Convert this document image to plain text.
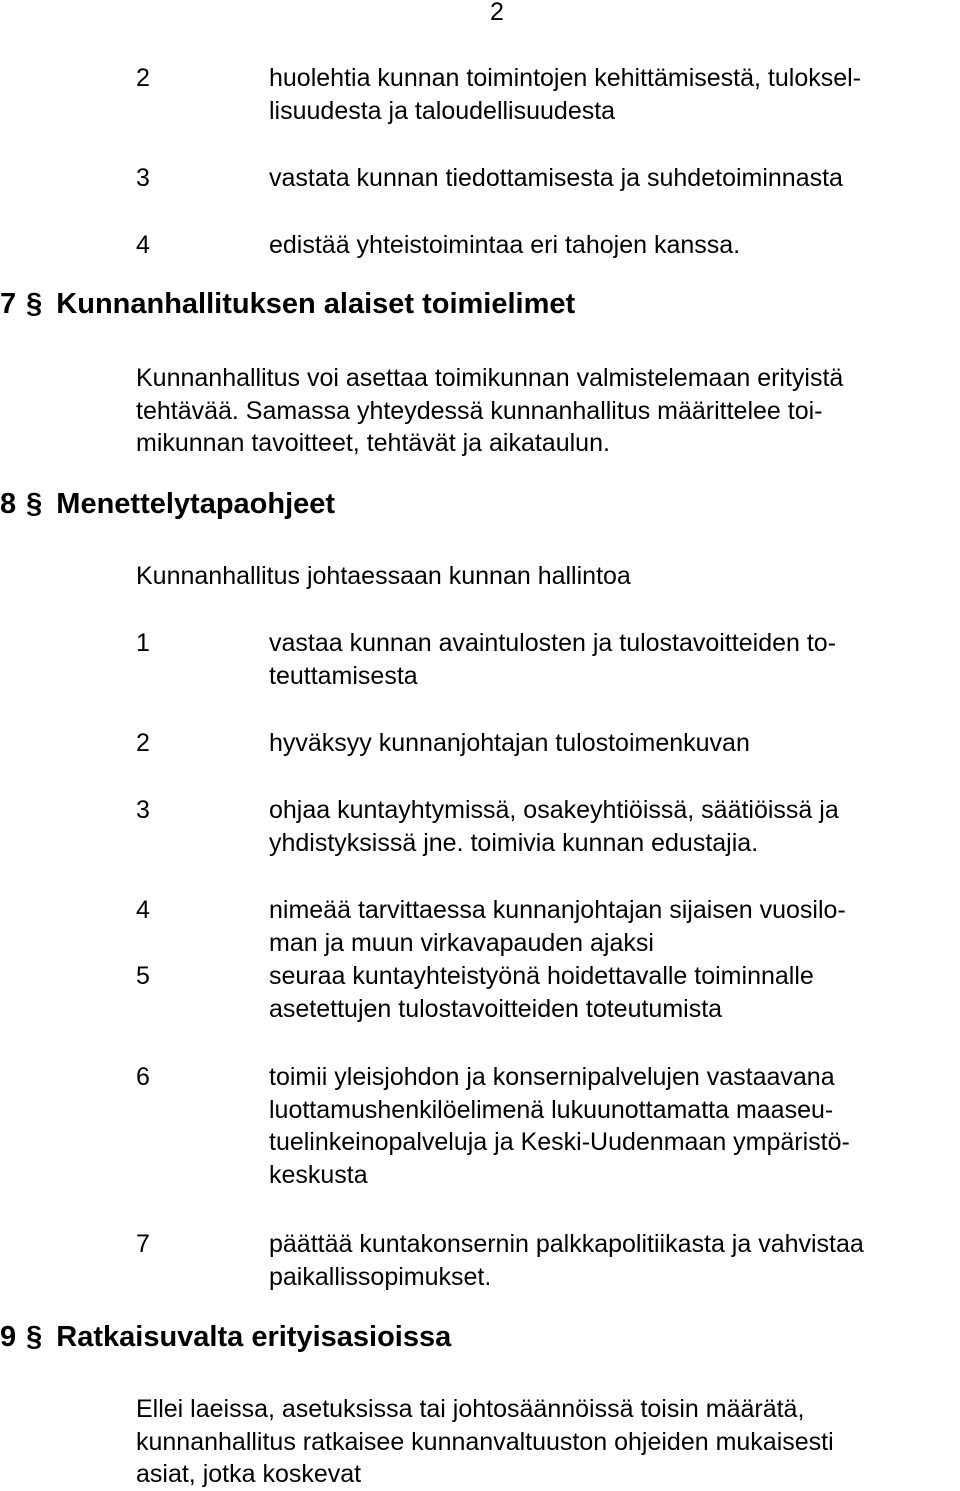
2
2	huolehtia kunnan toimintojen kehittämisestä, tuloksel-
lisuudesta ja taloudellisuudesta
3	vastata kunnan tiedottamisesta ja suhdetoiminnasta
4	edistää yhteistoimintaa eri tahojen kanssa.
7 § Kunnanhallituksen alaiset toimielimet
Kunnanhallitus voi asettaa toimikunnan valmistelemaan erityistä
tehtävää. Samassa yhteydessä kunnanhallitus määrittelee toi-
mikunnan tavoitteet, tehtävät ja aikataulun.
8 § Menettelytapaohjeet
Kunnanhallitus johtaessaan kunnan hallintoa
1	vastaa kunnan avaintulosten ja tulostavoitteiden to-
teuttamisesta
2	hyväksyy kunnanjohtajan tulostoimenkuvan
3	ohjaa kuntayhtymissä, osakeyhtiöissä, säätiöissä ja
yhdistyksissä jne. toimivia kunnan edustajia.
4	nimeää tarvittaessa kunnanjohtajan sijaisen vuosilo-
man ja muun virkavapauden ajaksi
5	seuraa kuntayhteistyönä hoidettavalle toiminnalle
asetettujen tulostavoitteiden toteutumista
6	toimii yleisjohdon ja konsernipalvelujen vastaavana
luottamushenkilöelimenä lukuunottamatta maaseu-
tuelinkeinopalveluja ja Keski-Uudenmaan ympäristö-
keskusta
7	päättää kuntakonsernin palkkapolitiikasta ja vahvistaa
paikallissopimukset.
9 § Ratkaisuvalta erityisasioissa
Ellei laeissa, asetuksissa tai johtosäännöissä toisin määrätä,
kunnanhallitus ratkaisee kunnanvaltuuston ohjeiden mukaisesti
asiat, jotka koskevat
